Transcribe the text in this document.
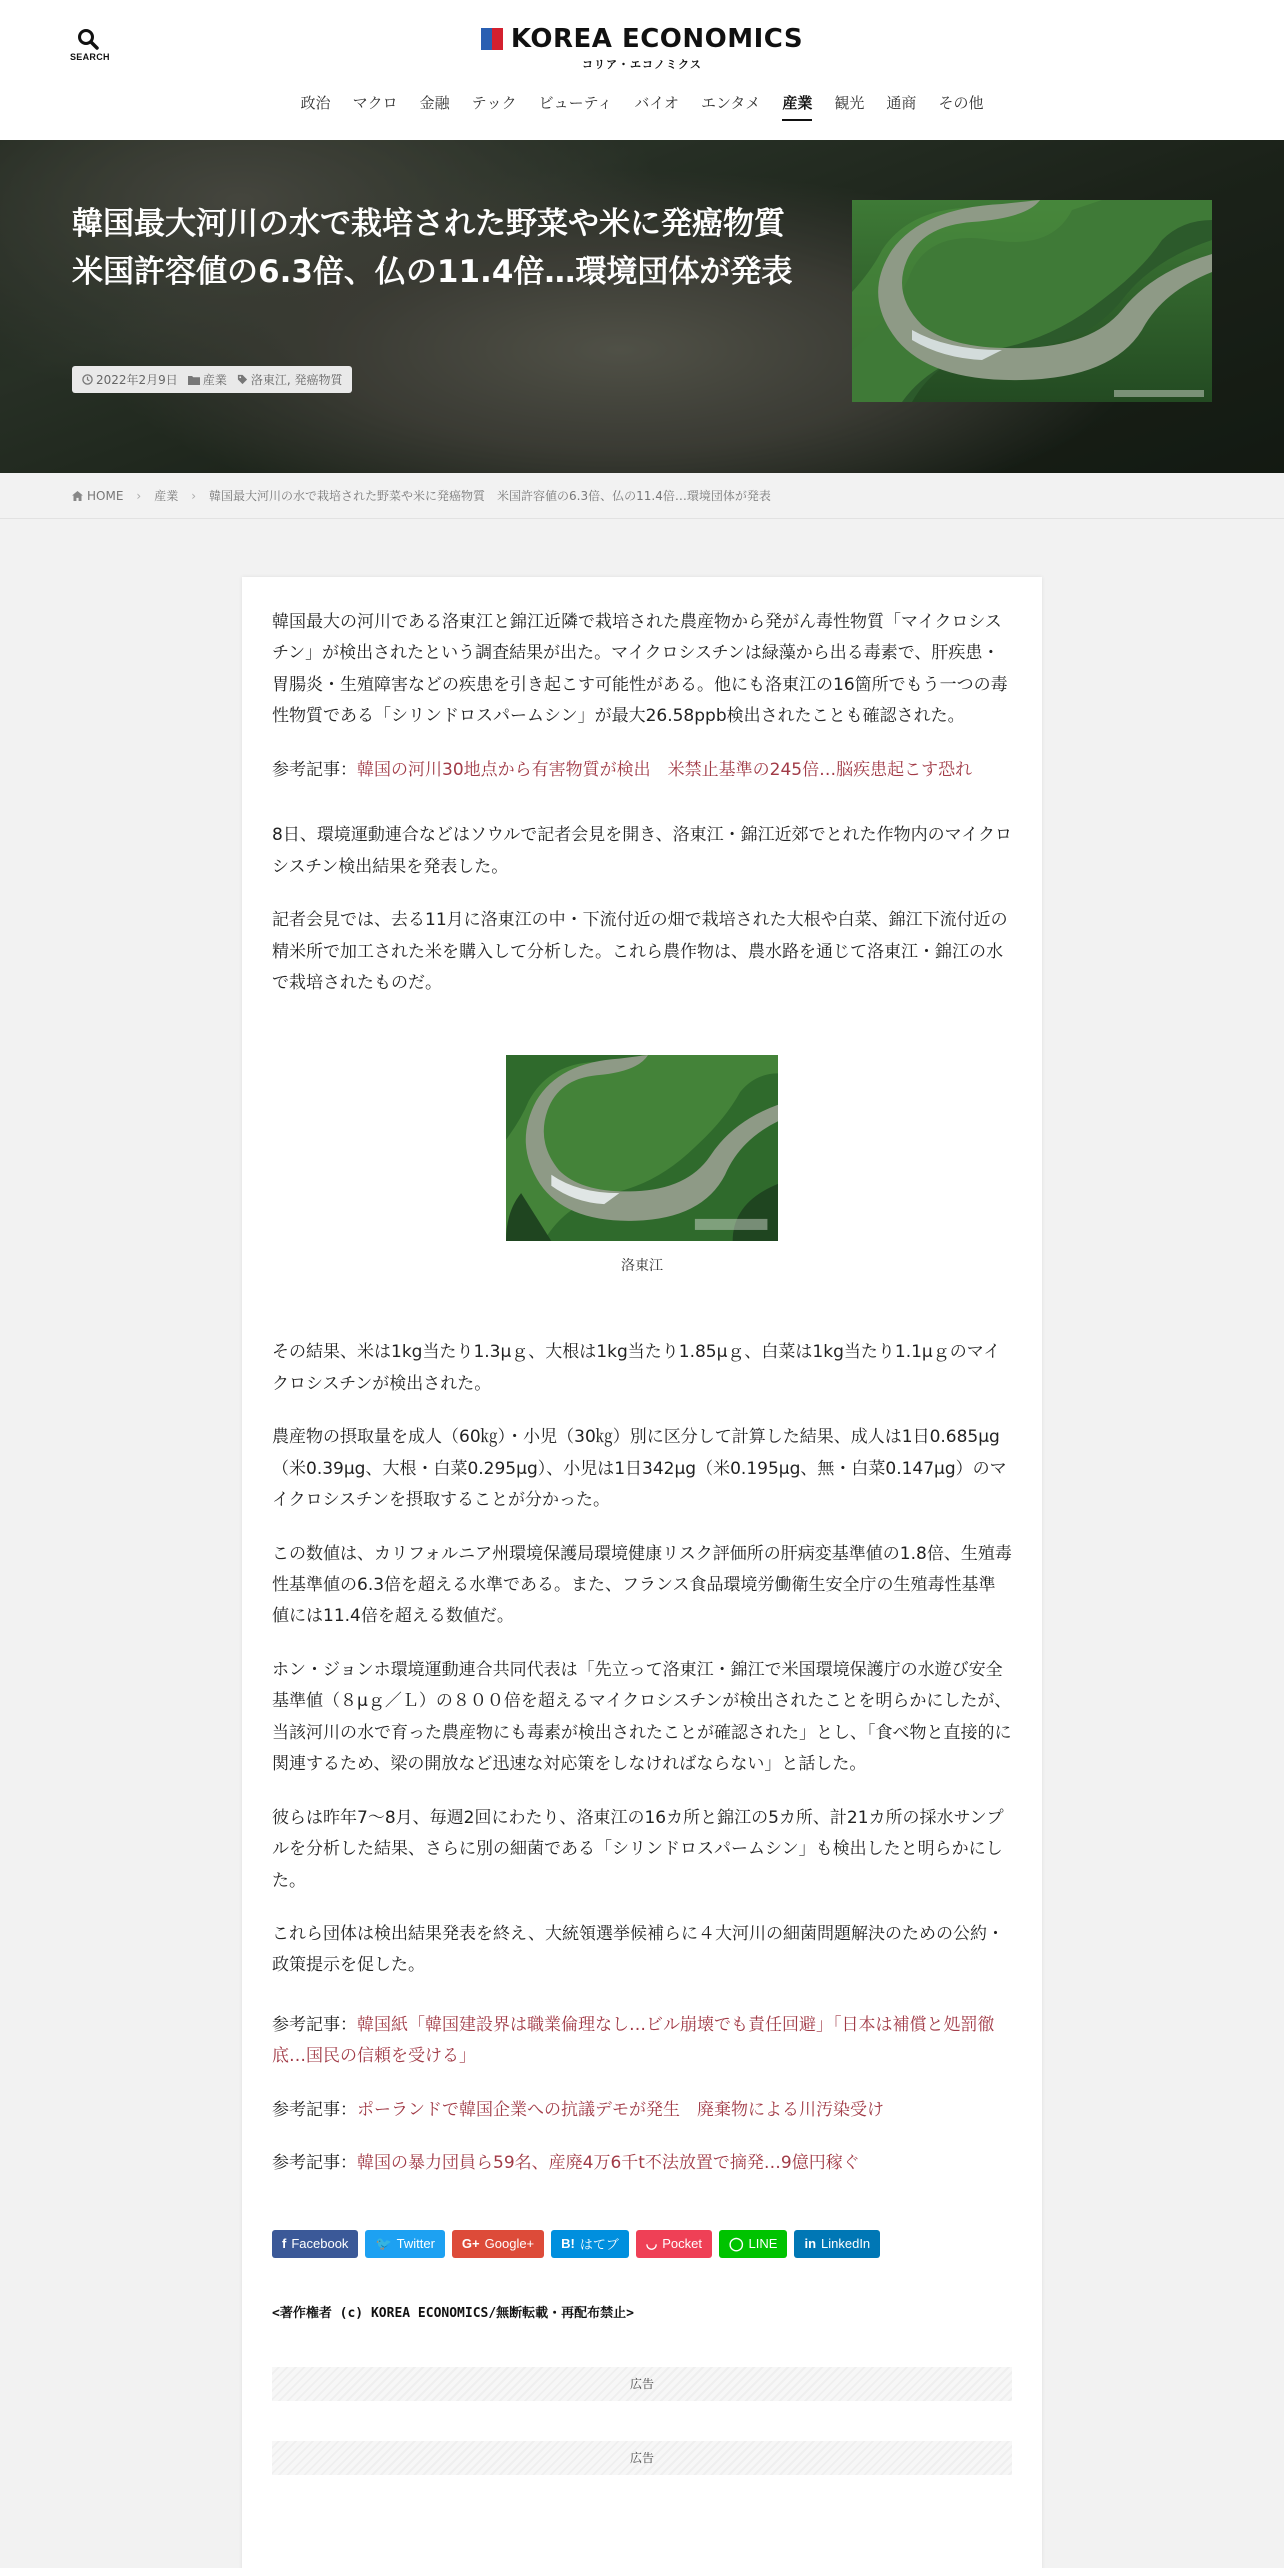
SEARCH
KOREA ECONOMICS
コリア・エコノミクス
政治	マクロ	金融	テック	ビューティ	バイオ	エンタメ	産業	観光	通商	その他
韓国最大河川の水で栽培された野菜や米に発癌物質　米国許容値の6.3倍、仏の11.4倍…環境団体が発表
2022年2月9日 産業 洛東江, 発癌物質
HOME › 産業 › 韓国最大河川の水で栽培された野菜や米に発癌物質　米国許容値の6.3倍、仏の11.4倍…環境団体が発表

韓国最大の河川である洛東江と錦江近隣で栽培された農産物から発がん毒性物質「マイクロシスチン」が検出されたという調査結果が出た。マイクロシスチンは緑藻から出る毒素で、肝疾患・胃腸炎・生殖障害などの疾患を引き起こす可能性がある。他にも洛東江の16箇所でもう一つの毒性物質である「シリンドロスパームシン」が最大26.58ppb検出されたことも確認された。

参考記事：韓国の河川30地点から有害物質が検出　米禁止基準の245倍…脳疾患起こす恐れ

8日、環境運動連合などはソウルで記者会見を開き、洛東江・錦江近郊でとれた作物内のマイクロシスチン検出結果を発表した。

記者会見では、去る11月に洛東江の中・下流付近の畑で栽培された大根や白菜、錦江下流付近の精米所で加工された米を購入して分析した。これら農作物は、農水路を通じて洛東江・錦江の水で栽培されたものだ。

洛東江

その結果、米は1kg当たり1.3μｇ、大根は1kg当たり1.85μｇ、白菜は1kg当たり1.1μｇのマイクロシスチンが検出された。

農産物の摂取量を成人（60㎏）・小児（30㎏）別に区分して計算した結果、成人は1日0.685μg（米0.39μg、大根・白菜0.295μg）、小児は1日342μg（米0.195μg、無・白菜0.147μg）のマイクロシスチンを摂取することが分かった。

この数値は、カリフォルニア州環境保護局環境健康リスク評価所の肝病変基準値の1.8倍、生殖毒性基準値の6.3倍を超える水準である。また、フランス食品環境労働衛生安全庁の生殖毒性基準値には11.4倍を超える数値だ。

ホン・ジョンホ環境運動連合共同代表は「先立って洛東江・錦江で米国環境保護庁の水遊び安全基準値（８μｇ／Ｌ）の８００倍を超えるマイクロシスチンが検出されたことを明らかにしたが、当該河川の水で育った農産物にも毒素が検出されたことが確認された」とし、「食べ物と直接的に関連するため、梁の開放など迅速な対応策をしなければならない」と話した。

彼らは昨年7～8月、毎週2回にわたり、洛東江の16カ所と錦江の5カ所、計21カ所の採水サンプルを分析した結果、さらに別の細菌である「シリンドロスパームシン」も検出したと明らかにした。

これら団体は検出結果発表を終え、大統領選挙候補らに４大河川の細菌問題解決のための公約・政策提示を促した。

参考記事：韓国紙「韓国建設界は職業倫理なし…ビル崩壊でも責任回避」「日本は補償と処罰徹底…国民の信頼を受ける」

参考記事：ポーランドで韓国企業への抗議デモが発生　廃棄物による川汚染受け

参考記事：韓国の暴力団員ら59名、産廃4万6千t不法放置で摘発…9億円稼ぐ

f Facebook 🐦 Twitter G+ Google+ B! はてブ ◡ Pocket ◯ LINE in LinkedIn

<著作権者 (c) KOREA ECONOMICS/無断転載・再配布禁止>

広告
広告
